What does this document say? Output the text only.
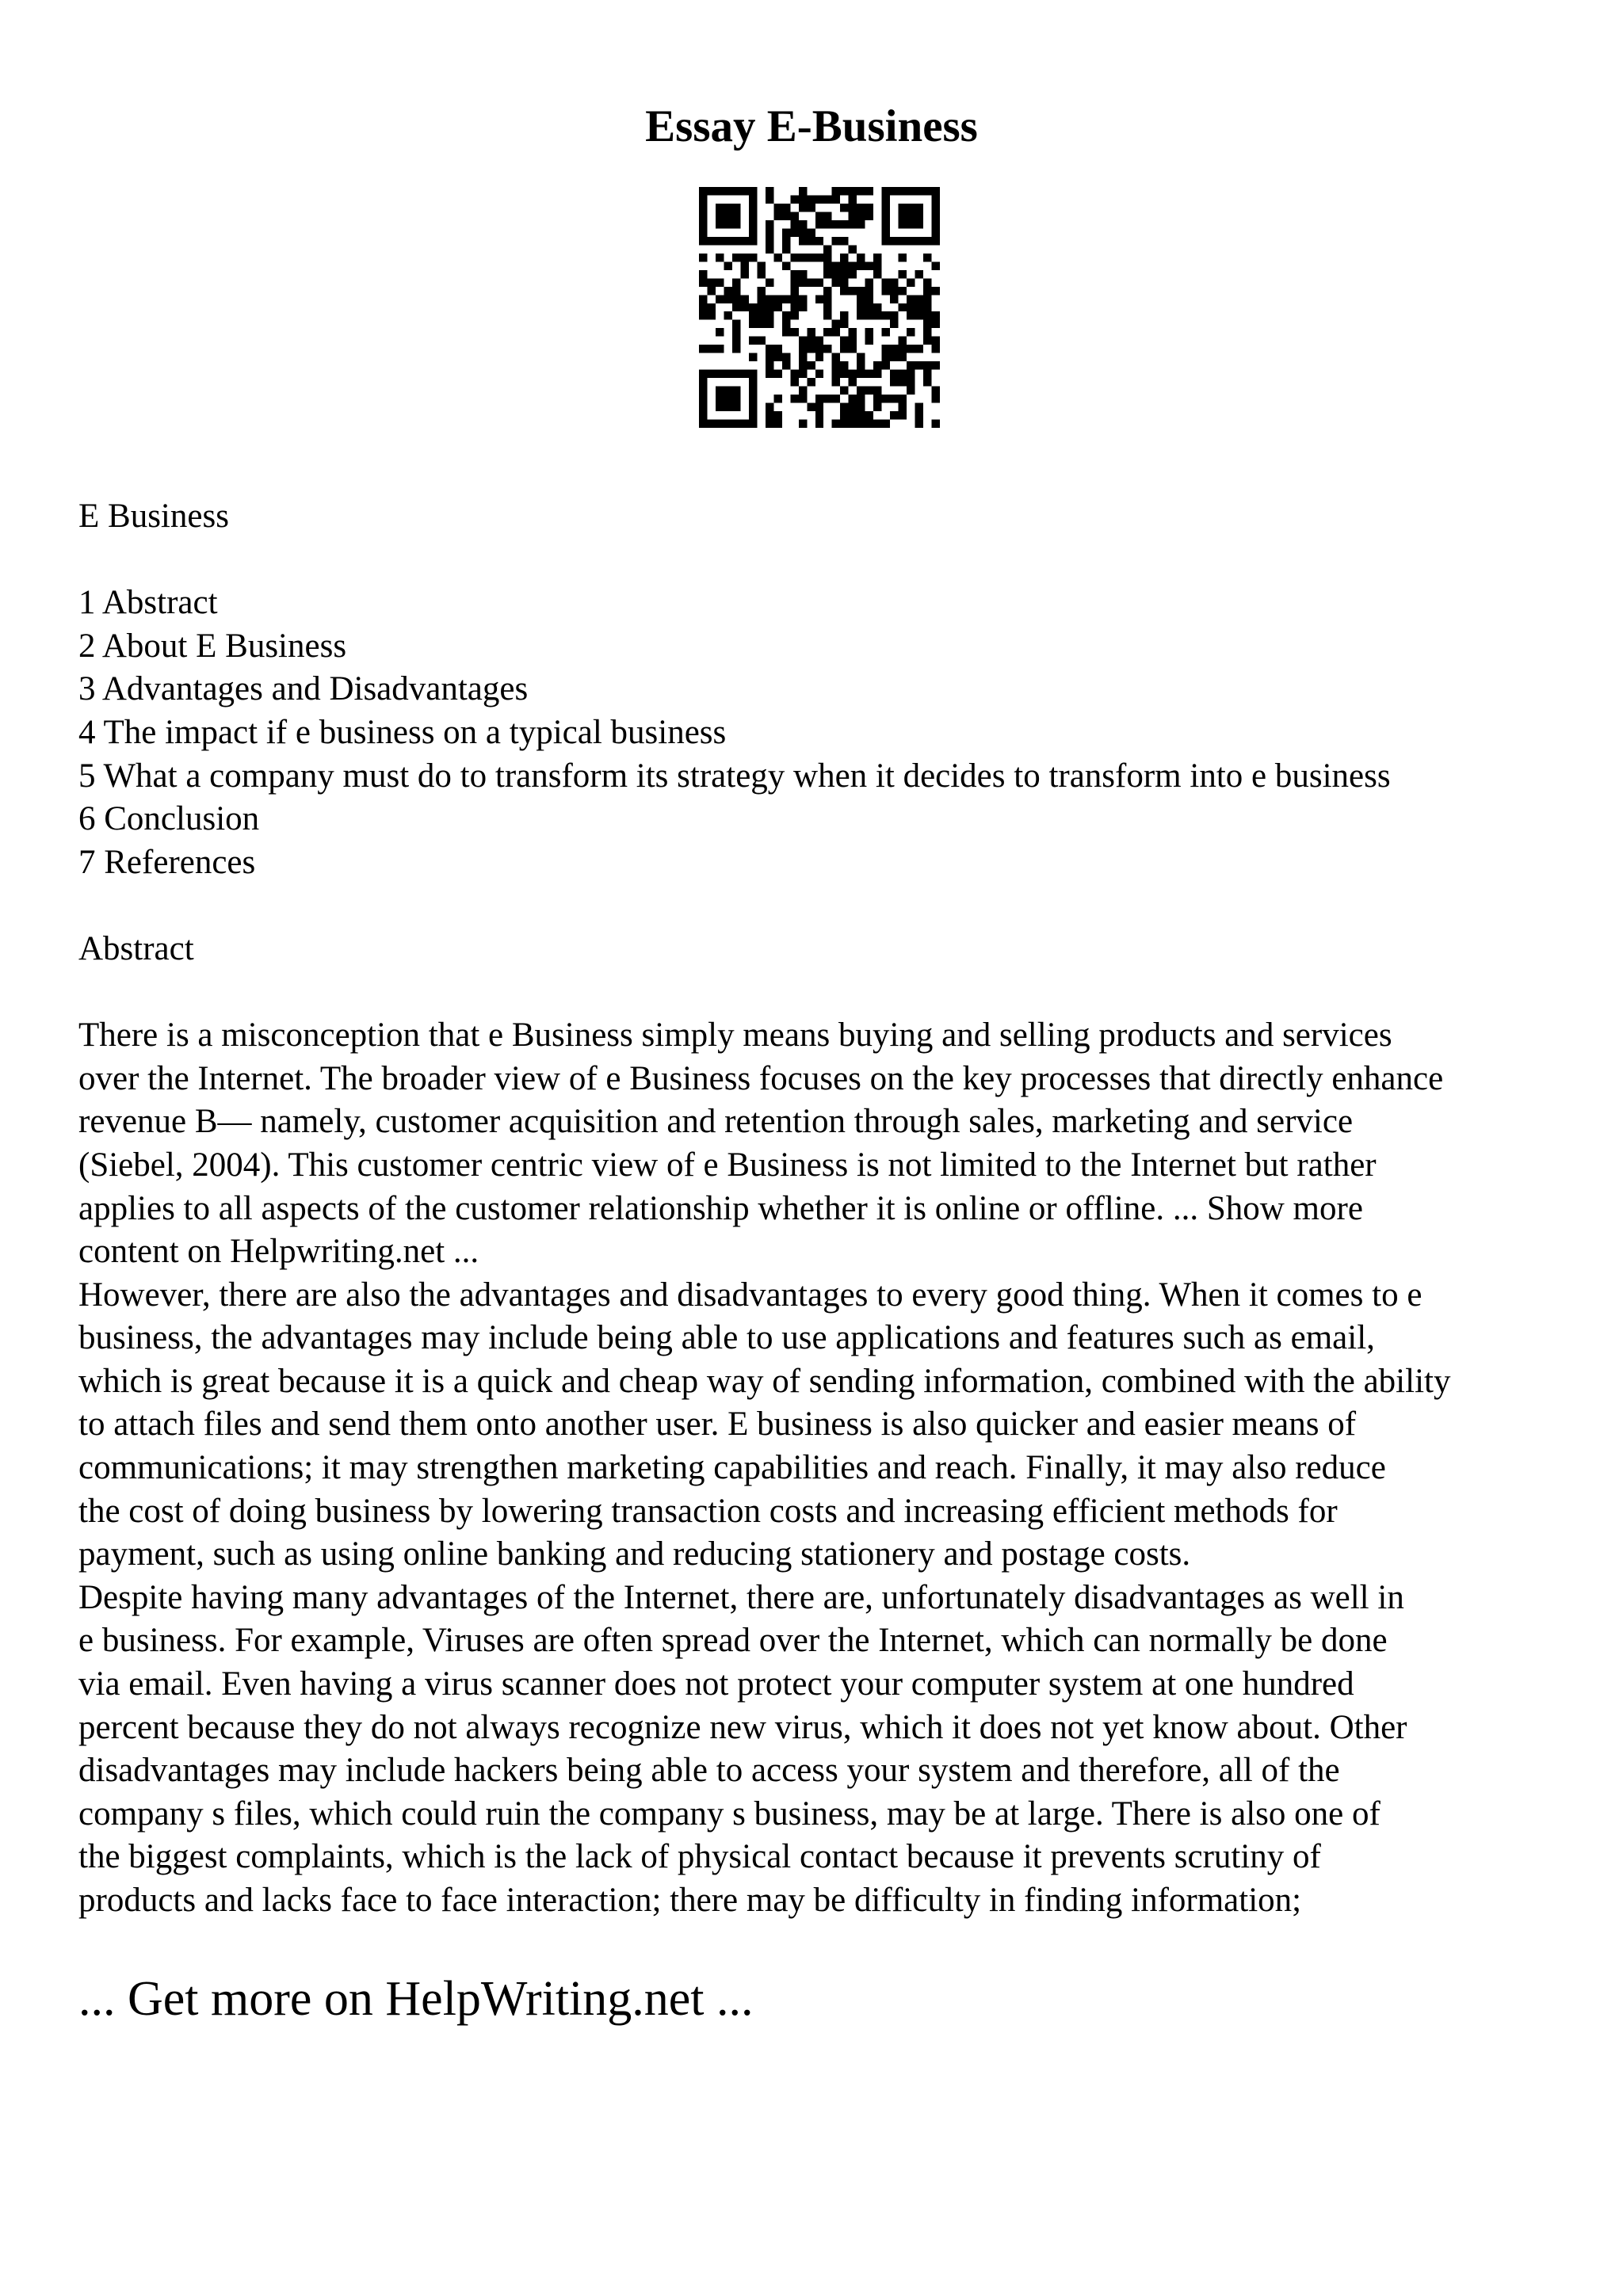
Essay E-Business
E Business
1 Abstract
2 About E Business
3 Advantages and Disadvantages
4 The impact if e business on a typical business
5 What a company must do to transform its strategy when it decides to transform into e business
6 Conclusion
7 References
Abstract
There is a misconception that e Business simply means buying and selling products and services
over the Internet. The broader view of e Business focuses on the key processes that directly enhance
revenue В— namely, customer acquisition and retention through sales, marketing and service
(Siebel, 2004). This customer centric view of e Business is not limited to the Internet but rather
applies to all aspects of the customer relationship whether it is online or offline. ... Show more
content on Helpwriting.net ...
However, there are also the advantages and disadvantages to every good thing. When it comes to e
business, the advantages may include being able to use applications and features such as email,
which is great because it is a quick and cheap way of sending information, combined with the ability
to attach files and send them onto another user. E business is also quicker and easier means of
communications; it may strengthen marketing capabilities and reach. Finally, it may also reduce
the cost of doing business by lowering transaction costs and increasing efficient methods for
payment, such as using online banking and reducing stationery and postage costs.
Despite having many advantages of the Internet, there are, unfortunately disadvantages as well in
e business. For example, Viruses are often spread over the Internet, which can normally be done
via email. Even having a virus scanner does not protect your computer system at one hundred
percent because they do not always recognize new virus, which it does not yet know about. Other
disadvantages may include hackers being able to access your system and therefore, all of the
company s files, which could ruin the company s business, may be at large. There is also one of
the biggest complaints, which is the lack of physical contact because it prevents scrutiny of
products and lacks face to face interaction; there may be difficulty in finding information;
... Get more on HelpWriting.net ...
